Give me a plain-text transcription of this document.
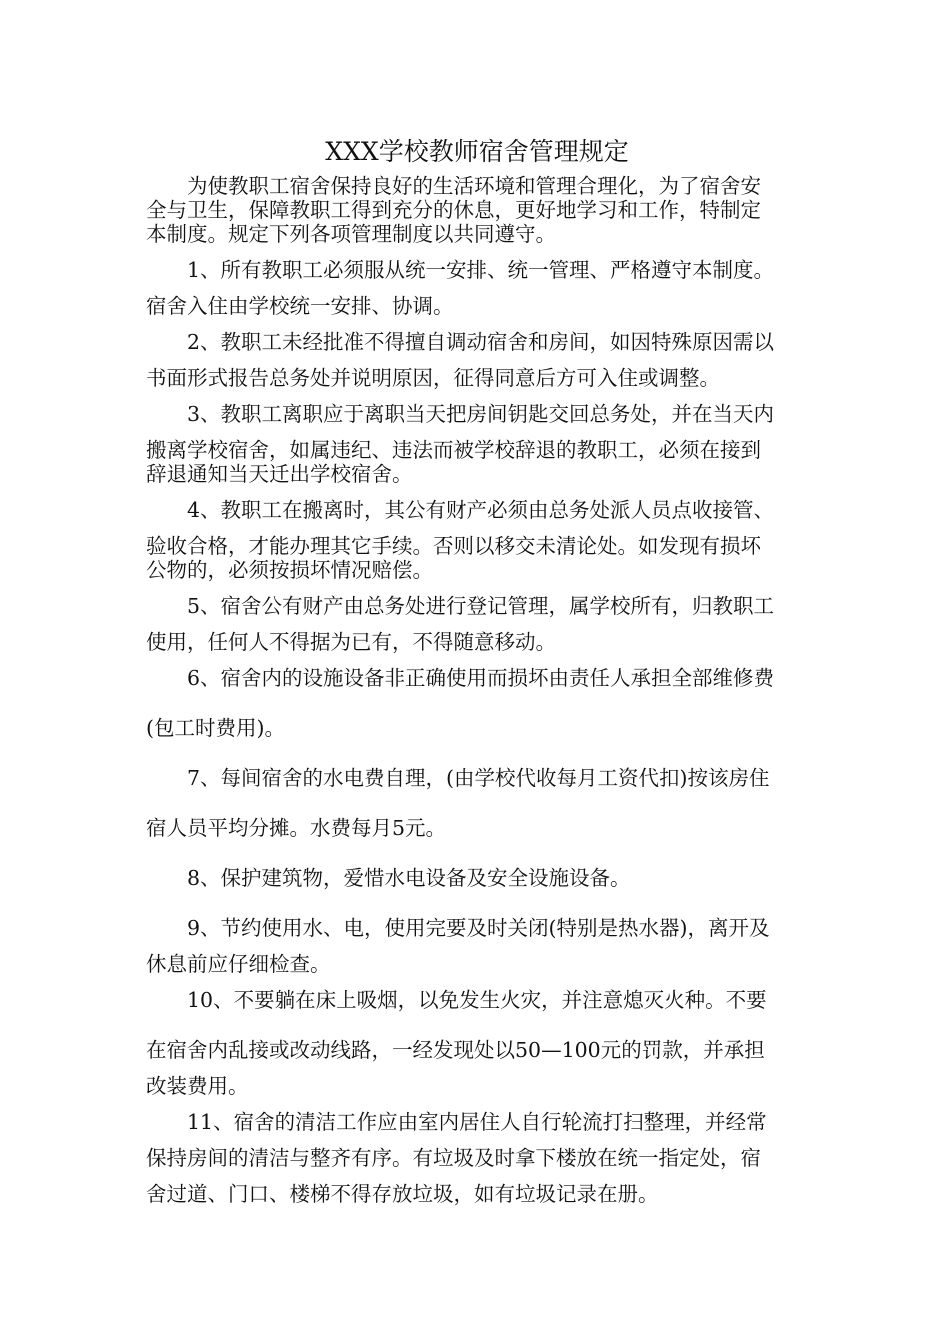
XXX学校教师宿舍管理规定

为使教职工宿舍保持良好的生活环境和管理合理化，为了宿舍安
全与卫生，保障教职工得到充分的休息，更好地学习和工作，特制定
本制度。规定下列各项管理制度以共同遵守。

1、所有教职工必须服从统一安排、统一管理、严格遵守本制度。
宿舍入住由学校统一安排、协调。

2、教职工未经批准不得擅自调动宿舍和房间，如因特殊原因需以
书面形式报告总务处并说明原因，征得同意后方可入住或调整。

3、教职工离职应于离职当天把房间钥匙交回总务处，并在当天内
搬离学校宿舍，如属违纪、违法而被学校辞退的教职工，必须在接到
辞退通知当天迁出学校宿舍。

4、教职工在搬离时，其公有财产必须由总务处派人员点收接管、
验收合格，才能办理其它手续。否则以移交未清论处。如发现有损坏
公物的，必须按损坏情况赔偿。

5、宿舍公有财产由总务处进行登记管理，属学校所有，归教职工
使用，任何人不得据为已有，不得随意移动。

6、宿舍内的设施设备非正确使用而损坏由责任人承担全部维修费
(包工时费用)。

7、每间宿舍的水电费自理，(由学校代收每月工资代扣)按该房住
宿人员平均分摊。水费每月5元。

8、保护建筑物，爱惜水电设备及安全设施设备。

9、节约使用水、电，使用完要及时关闭(特别是热水器)，离开及
休息前应仔细检查。

10、不要躺在床上吸烟，以免发生火灾，并注意熄灭火种。不要
在宿舍内乱接或改动线路，一经发现处以50—100元的罚款，并承担
改装费用。

11、宿舍的清洁工作应由室内居住人自行轮流打扫整理，并经常
保持房间的清洁与整齐有序。有垃圾及时拿下楼放在统一指定处，宿
舍过道、门口、楼梯不得存放垃圾，如有垃圾记录在册。
